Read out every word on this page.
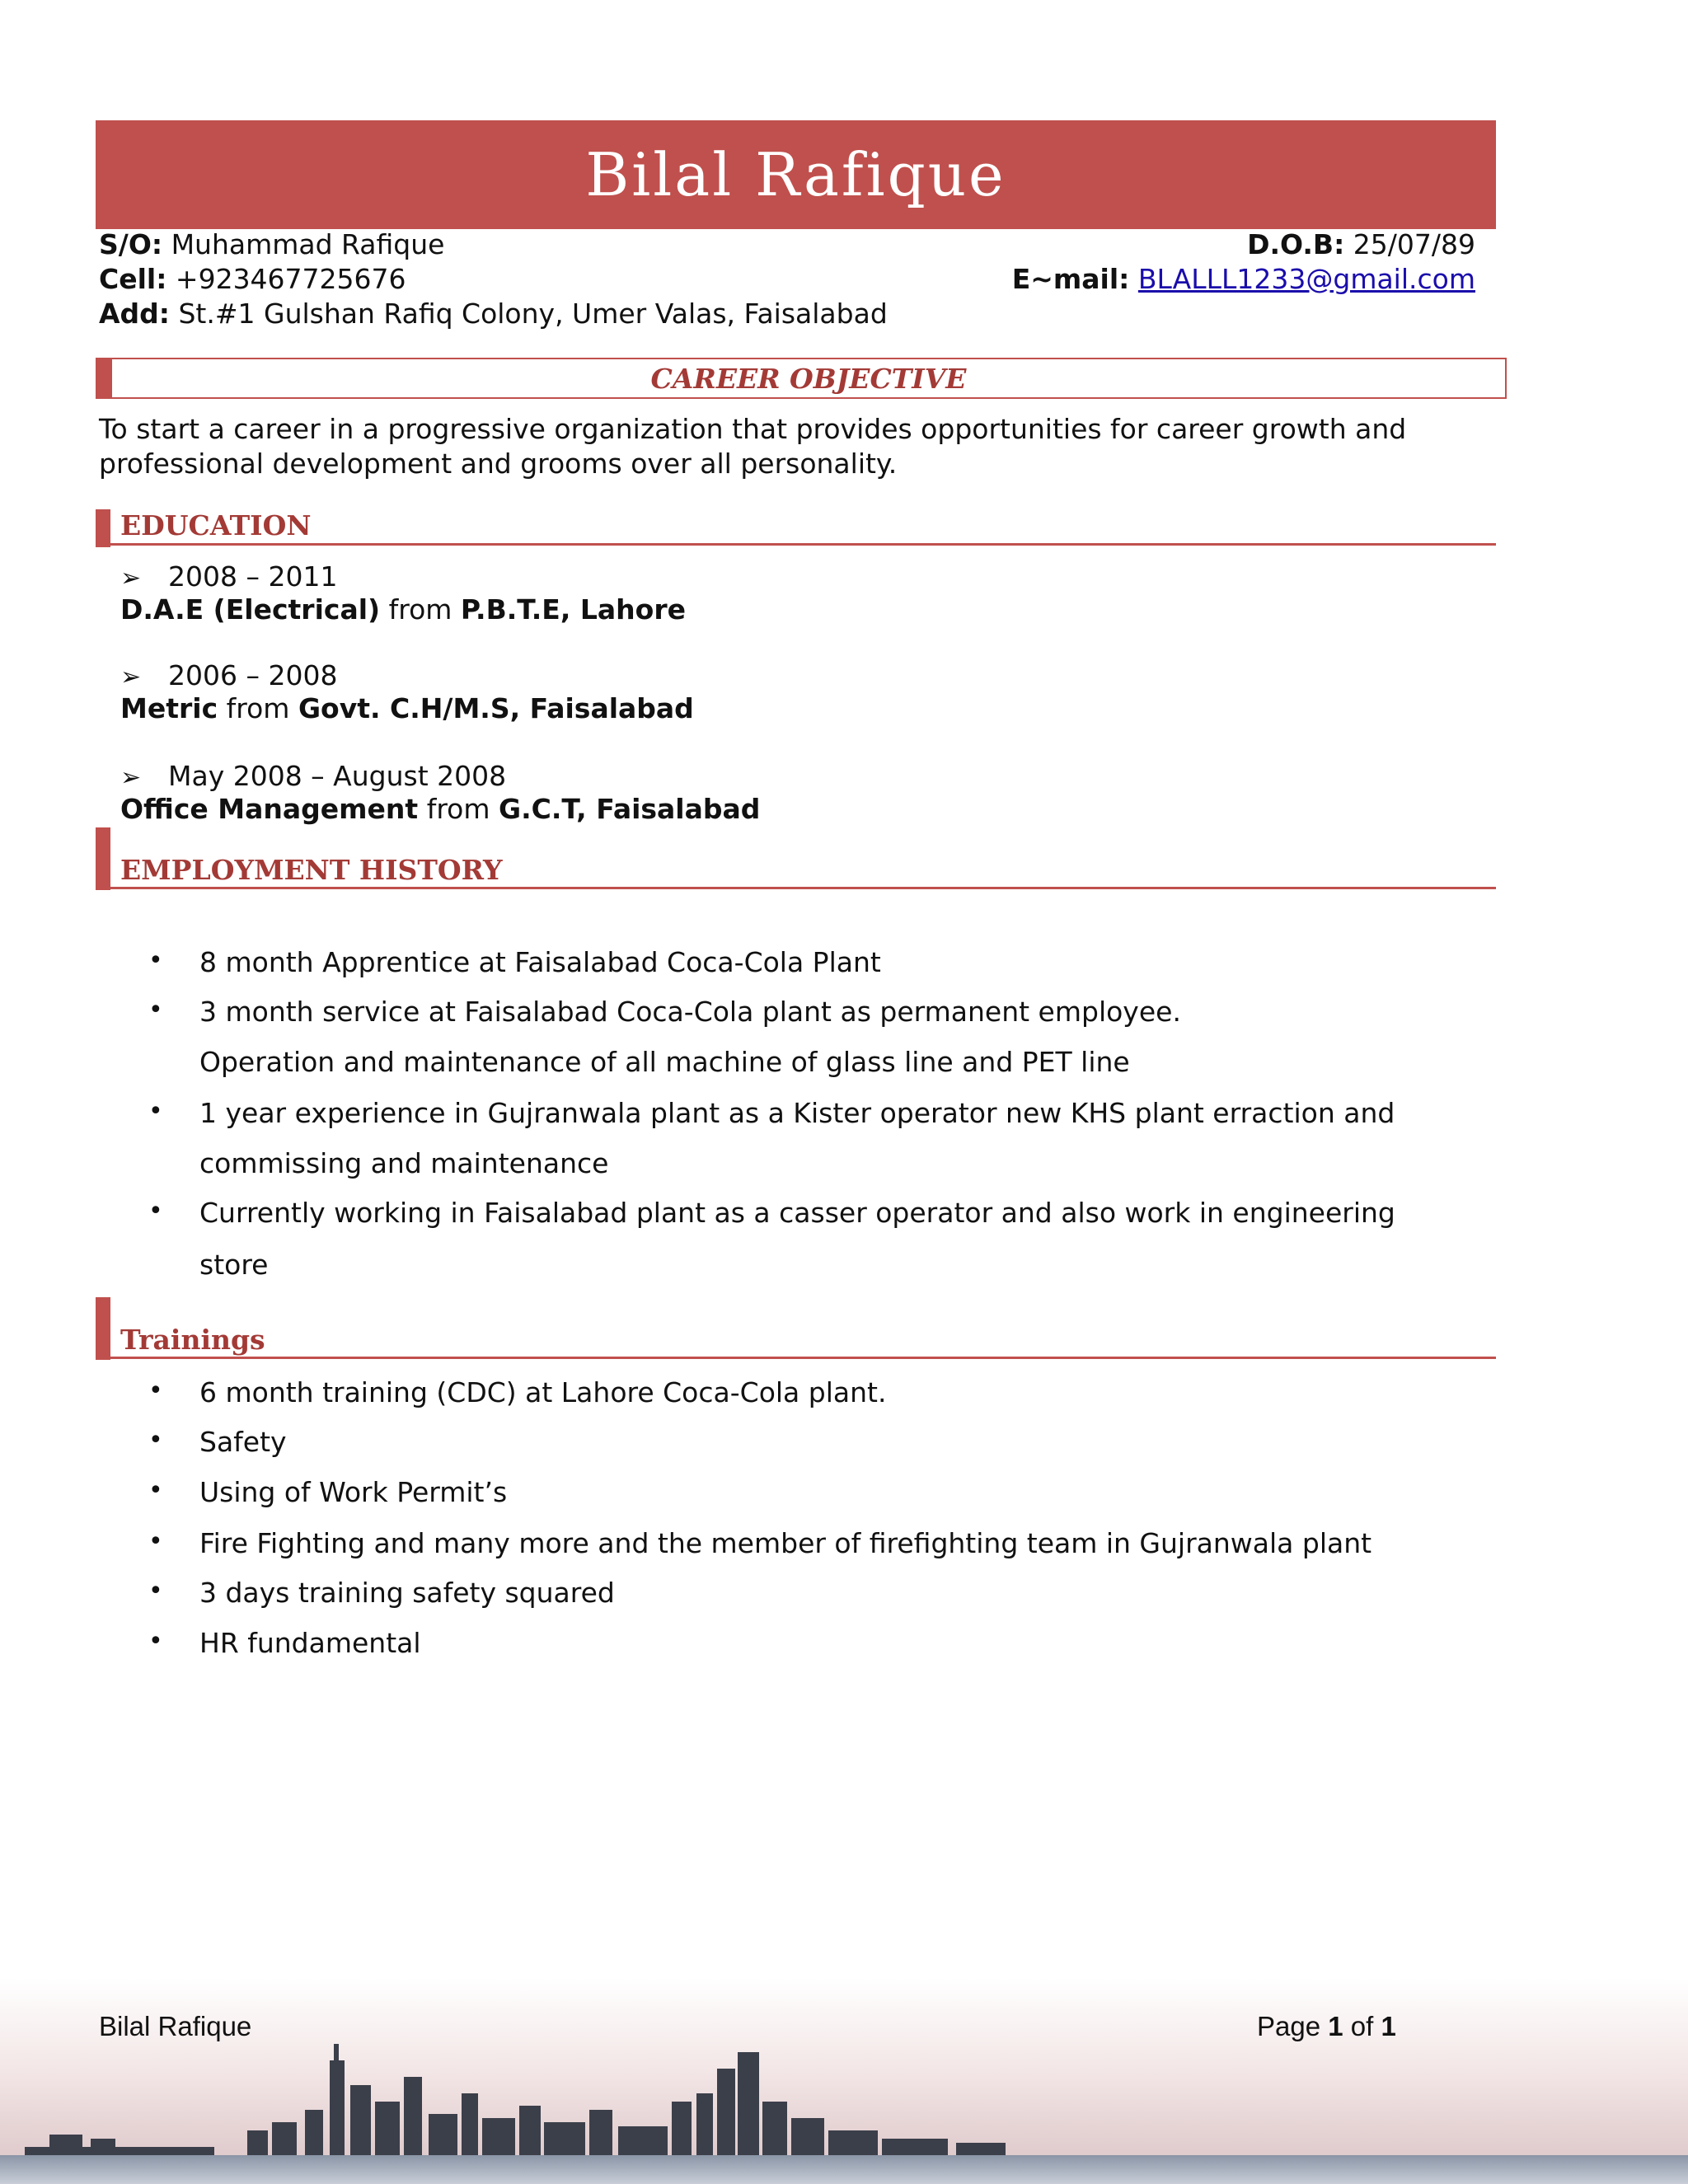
Bilal Rafique
S/O: Muhammad Rafique	D.O.B: 25/07/89
Cell: +923467725676	E~mail: BLALLL1233@gmail.com
Add: St.#1 Gulshan Rafiq Colony, Umer Valas, Faisalabad
CAREER OBJECTIVE
To start a career in a progressive organization that provides opportunities for career growth and
professional development and grooms over all personality.
EDUCATION
➢ 2008 – 2011
D.A.E (Electrical) from P.B.T.E, Lahore
➢ 2006 – 2008
Metric from Govt. C.H/M.S, Faisalabad
➢ May 2008 – August 2008
Office Management from G.C.T, Faisalabad
EMPLOYMENT HISTORY
• 8 month Apprentice at Faisalabad Coca-Cola Plant
• 3 month service at Faisalabad Coca-Cola plant as permanent employee.
Operation and maintenance of all machine of glass line and PET line
• 1 year experience in Gujranwala plant as a Kister operator new KHS plant erraction and
commissing and maintenance
• Currently working in Faisalabad plant as a casser operator and also work in engineering
store
Trainings
• 6 month training (CDC) at Lahore Coca-Cola plant.
• Safety
• Using of Work Permit’s
• Fire Fighting and many more and the member of firefighting team in Gujranwala plant
• 3 days training safety squared
• HR fundamental
Bilal Rafique	Page 1 of 1
